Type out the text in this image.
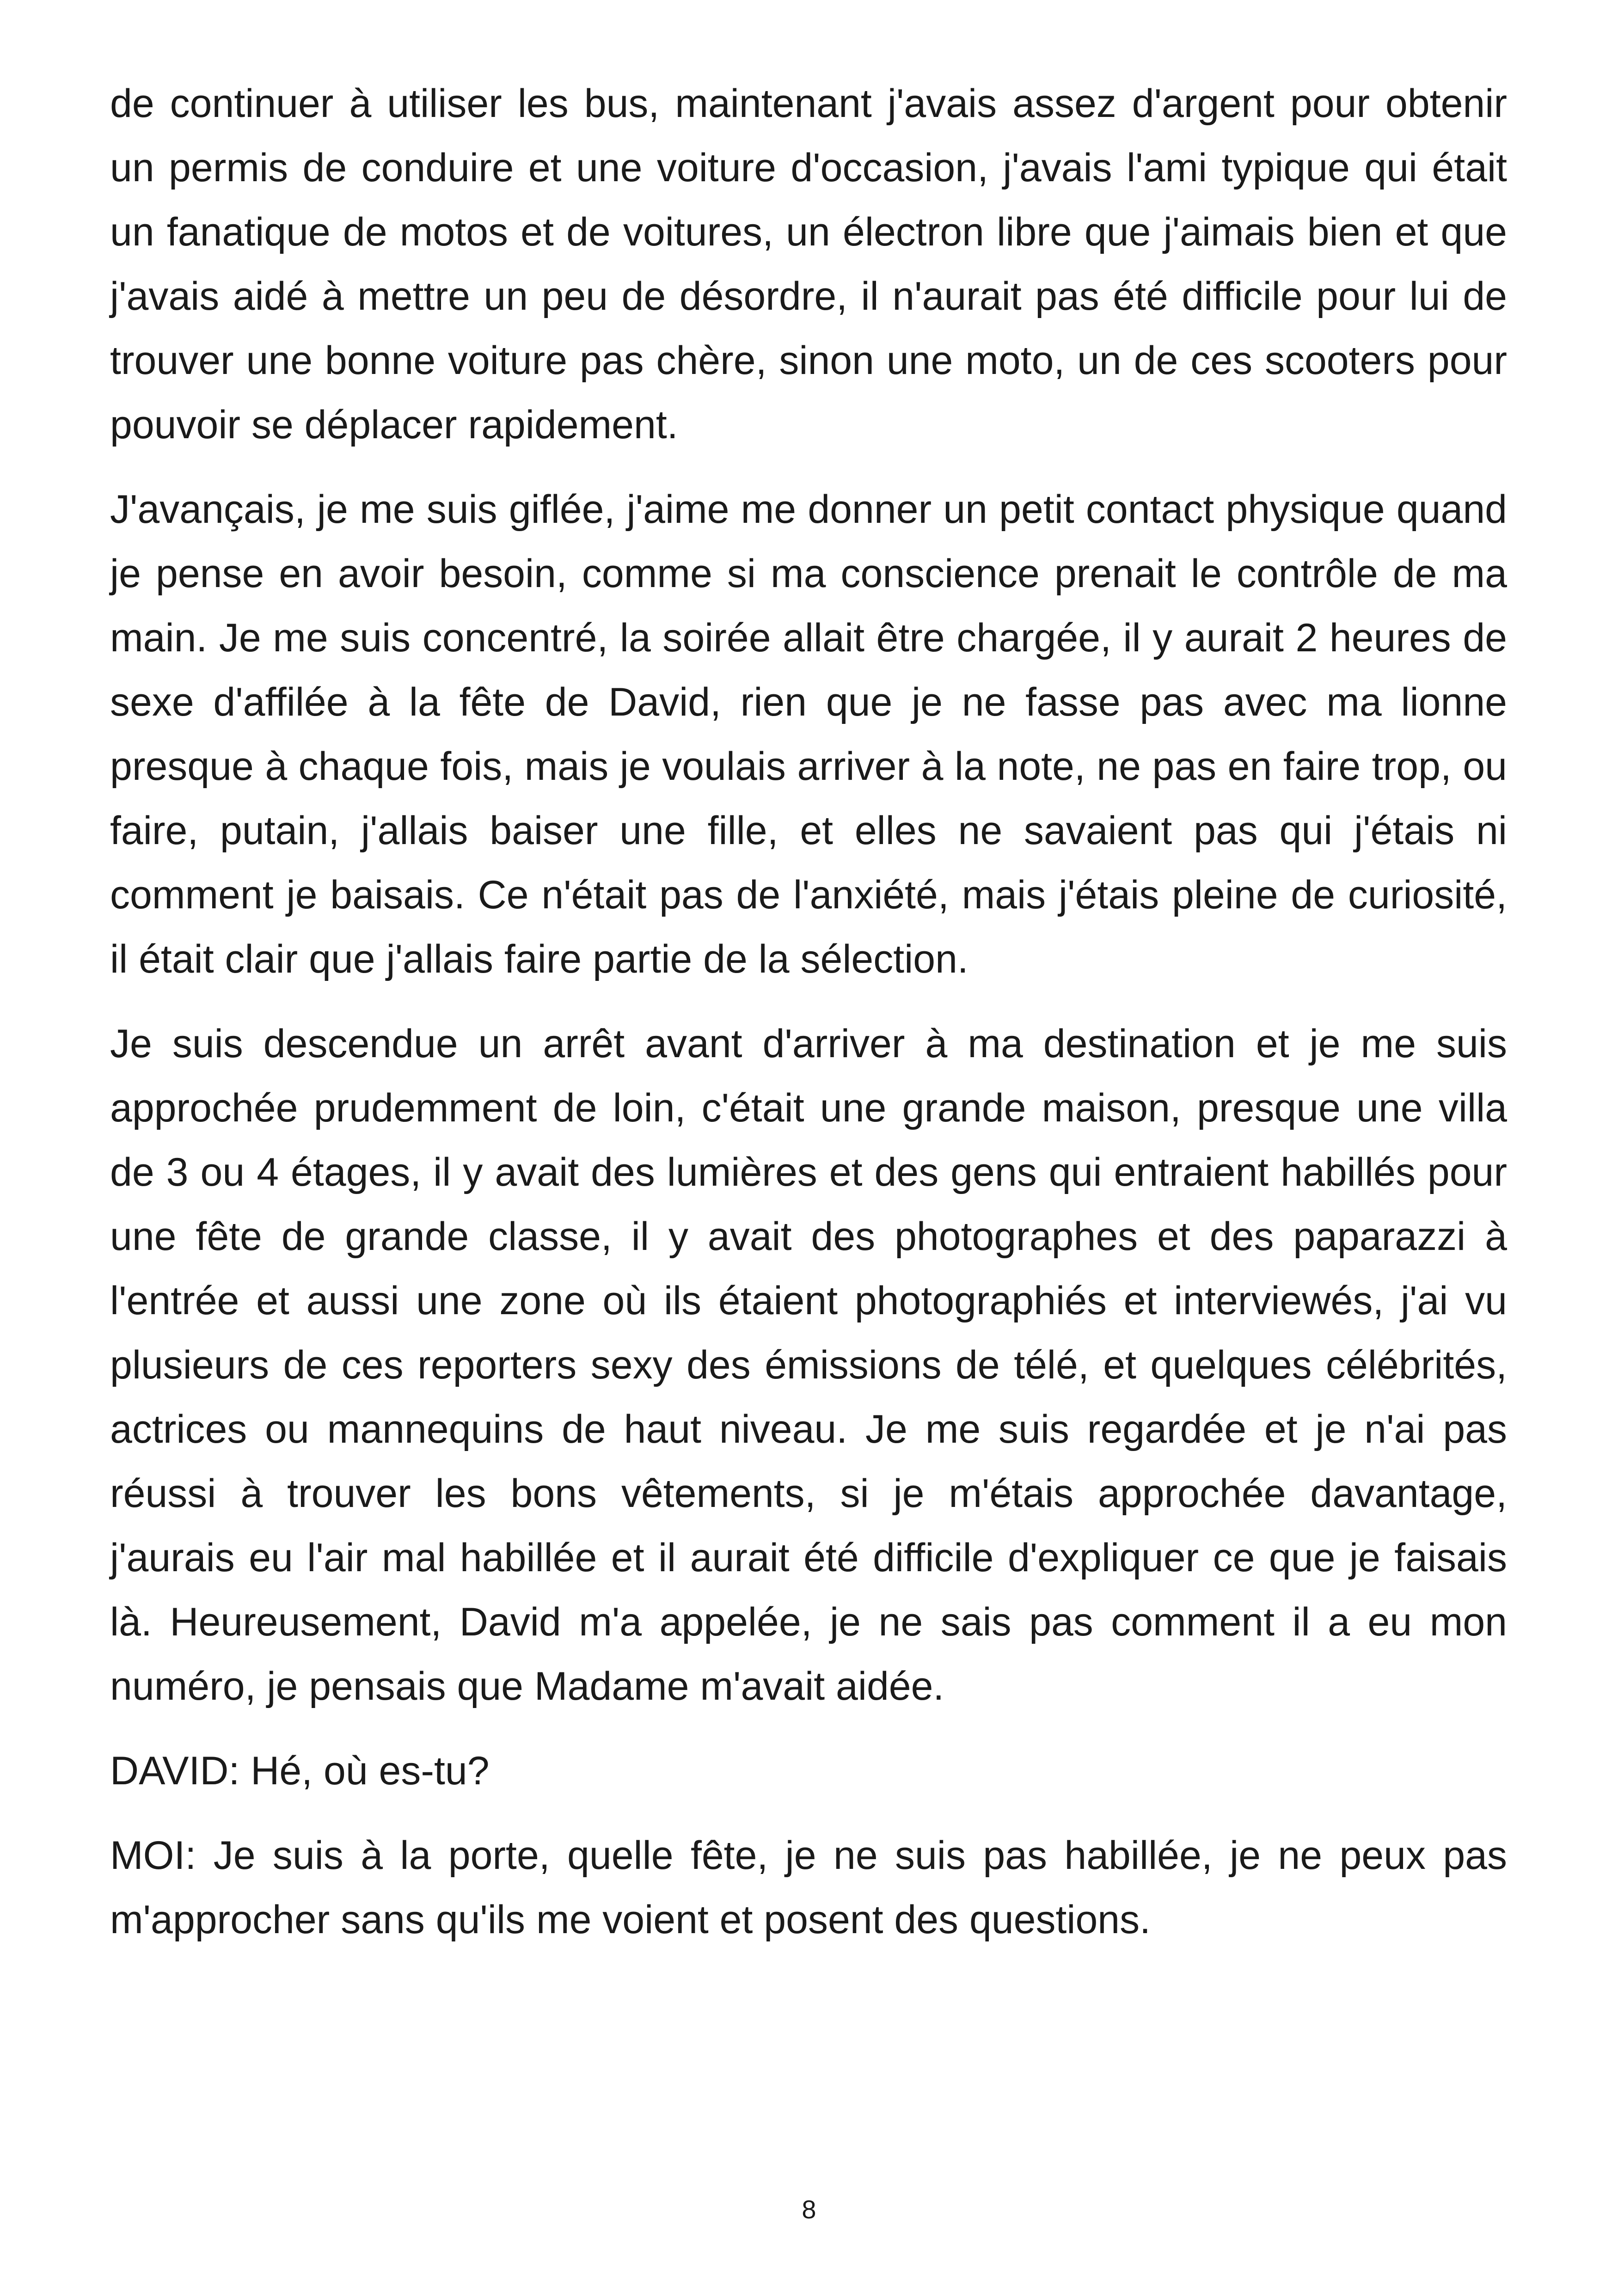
de continuer à utiliser les bus, maintenant j'avais assez d'argent pour obtenir un permis de conduire et une voiture d'occasion, j'avais l'ami typique qui était un fanatique de motos et de voitures, un électron libre que j'aimais bien et que j'avais aidé à mettre un peu de désordre, il n'aurait pas été difficile pour lui de trouver une bonne voiture pas chère, sinon une moto, un de ces scooters pour pouvoir se déplacer rapidement.

J'avançais, je me suis giflée, j'aime me donner un petit contact physique quand je pense en avoir besoin, comme si ma conscience prenait le contrôle de ma main. Je me suis concentré, la soirée allait être chargée, il y aurait 2 heures de sexe d'affilée à la fête de David, rien que je ne fasse pas avec ma lionne presque à chaque fois, mais je voulais arriver à la note, ne pas en faire trop, ou faire, putain, j'allais baiser une fille, et elles ne savaient pas qui j'étais ni comment je baisais. Ce n'était pas de l'anxiété, mais j'étais pleine de curiosité, il était clair que j'allais faire partie de la sélection.

Je suis descendue un arrêt avant d'arriver à ma destination et je me suis approchée prudemment de loin, c'était une grande maison, presque une villa de 3 ou 4 étages, il y avait des lumières et des gens qui entraient habillés pour une fête de grande classe, il y avait des photographes et des paparazzi à l'entrée et aussi une zone où ils étaient photographiés et interviewés, j'ai vu plusieurs de ces reporters sexy des émissions de télé, et quelques célébrités, actrices ou mannequins de haut niveau. Je me suis regardée et je n'ai pas réussi à trouver les bons vêtements, si je m'étais approchée davantage, j'aurais eu l'air mal habillée et il aurait été difficile d'expliquer ce que je faisais là. Heureusement, David m'a appelée, je ne sais pas comment il a eu mon numéro, je pensais que Madame m'avait aidée.

DAVID: Hé, où es-tu?

MOI: Je suis à la porte, quelle fête, je ne suis pas habillée, je ne peux pas m'approcher sans qu'ils me voient et posent des questions.

8
